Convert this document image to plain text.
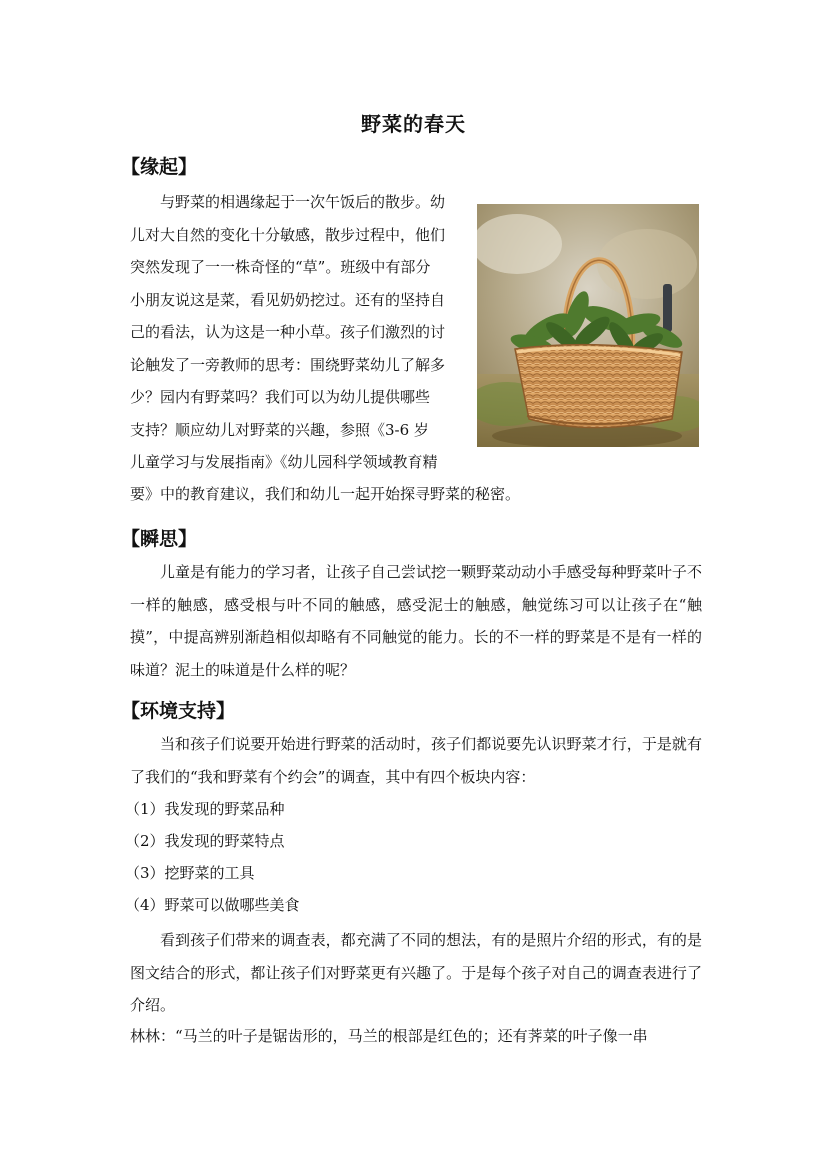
野菜的春天
【缘起】
与野菜的相遇缘起于一次午饭后的散步。幼
儿对大自然的变化十分敏感，散步过程中，他们
突然发现了一一株奇怪的“草”。班级中有部分
小朋友说这是菜，看见奶奶挖过。还有的坚持自
己的看法，认为这是一种小草。孩子们激烈的讨
论触发了一旁教师的思考：围绕野菜幼儿了解多
少？园内有野菜吗？我们可以为幼儿提供哪些
支持？顺应幼儿对野菜的兴趣，参照《3-6 岁
儿童学习与发展指南》《幼儿园科学领域教育精
要》中的教育建议，我们和幼儿一起开始探寻野菜的秘密。
【瞬思】
儿童是有能力的学习者，让孩子自己尝试挖一颗野菜动动小手感受每种野菜叶子不一样的触感，感受根与叶不同的触感，感受泥士的触感，触觉练习可以让孩子在“触摸”，中提高辨别渐趋相似却略有不同触觉的能力。长的不一样的野菜是不是有一样的味道？泥土的味道是什么样的呢？
【环境支持】
当和孩子们说要开始进行野菜的活动时，孩子们都说要先认识野菜才行，于是就有了我们的“我和野菜有个约会”的调查，其中有四个板块内容：
（1）我发现的野菜品种
（2）我发现的野菜特点
（3）挖野菜的工具
（4）野菜可以做哪些美食
看到孩子们带来的调查表，都充满了不同的想法，有的是照片介绍的形式，有的是图文结合的形式，都让孩子们对野菜更有兴趣了。于是每个孩子对自己的调查表进行了介绍。
林林：“马兰的叶子是锯齿形的，马兰的根部是红色的；还有荠菜的叶子像一串
